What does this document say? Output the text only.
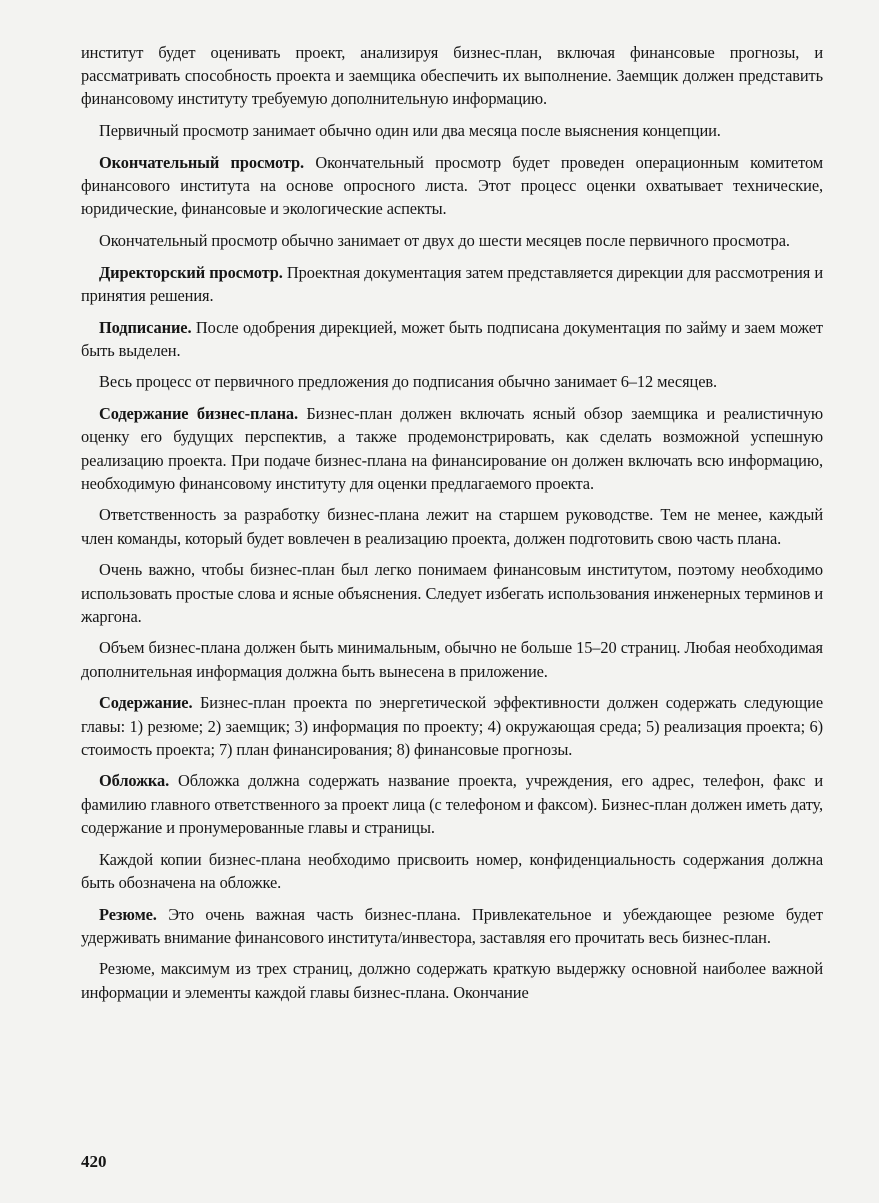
институт будет оценивать проект, анализируя бизнес-план, включая финансовые прогнозы, и рассматривать способность проекта и заемщика обеспечить их выполнение. Заемщик должен представить финансовому институту требуемую дополнительную информацию.

Первичный просмотр занимает обычно один или два месяца после выяснения концепции.

Окончательный просмотр. Окончательный просмотр будет проведен операционным комитетом финансового института на основе опросного листа. Этот процесс оценки охватывает технические, юридические, финансовые и экологические аспекты.

Окончательный просмотр обычно занимает от двух до шести месяцев после первичного просмотра.

Директорский просмотр. Проектная документация затем представляется дирекции для рассмотрения и принятия решения.

Подписание. После одобрения дирекцией, может быть подписана документация по займу и заем может быть выделен.

Весь процесс от первичного предложения до подписания обычно занимает 6–12 месяцев.

Содержание бизнес-плана. Бизнес-план должен включать ясный обзор заемщика и реалистичную оценку его будущих перспектив, а также продемонстрировать, как сделать возможной успешную реализацию проекта. При подаче бизнес-плана на финансирование он должен включать всю информацию, необходимую финансовому институту для оценки предлагаемого проекта.

Ответственность за разработку бизнес-плана лежит на старшем руководстве. Тем не менее, каждый член команды, который будет вовлечен в реализацию проекта, должен подготовить свою часть плана.

Очень важно, чтобы бизнес-план был легко понимаем финансовым институтом, поэтому необходимо использовать простые слова и ясные объяснения. Следует избегать использования инженерных терминов и жаргона.

Объем бизнес-плана должен быть минимальным, обычно не больше 15–20 страниц. Любая необходимая дополнительная информация должна быть вынесена в приложение.

Содержание. Бизнес-план проекта по энергетической эффективности должен содержать следующие главы: 1) резюме; 2) заемщик; 3) информация по проекту; 4) окружающая среда; 5) реализация проекта; 6) стоимость проекта; 7) план финансирования; 8) финансовые прогнозы.

Обложка. Обложка должна содержать название проекта, учреждения, его адрес, телефон, факс и фамилию главного ответственного за проект лица (с телефоном и факсом). Бизнес-план должен иметь дату, содержание и пронумерованные главы и страницы.

Каждой копии бизнес-плана необходимо присвоить номер, конфиденциальность содержания должна быть обозначена на обложке.

Резюме. Это очень важная часть бизнес-плана. Привлекательное и убеждающее резюме будет удерживать внимание финансового института/инвестора, заставляя его прочитать весь бизнес-план.

Резюме, максимум из трех страниц, должно содержать краткую выдержку основной наиболее важной информации и элементы каждой главы бизнес-плана. Окончание

420
